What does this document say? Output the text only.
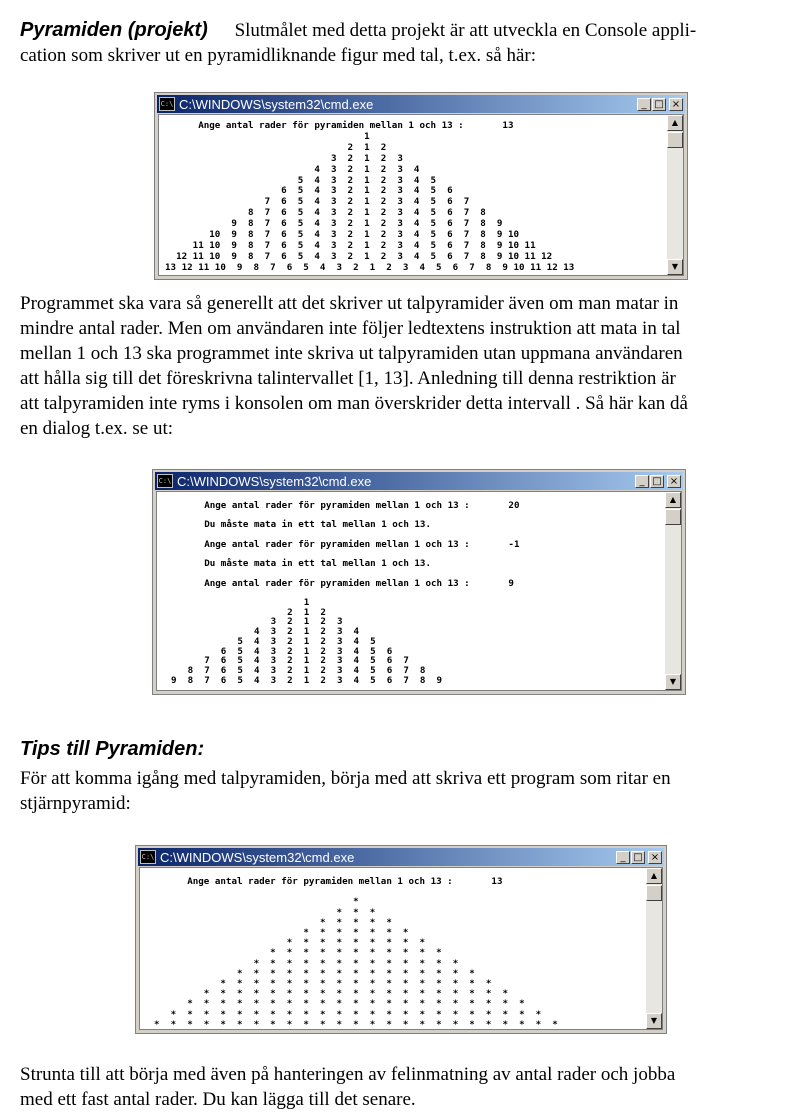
Pyramiden (projekt) Slutmålet med detta projekt är att utveckla en Console appli-

cation som skriver ut en pyramidliknande figur med tal, t.ex. så här:

C:\ C:\WINDOWS\system32\cmd.exe	_ □ ×
Ange antal rader för pyramiden mellan 1 och 13 :       13
1
2  1  2
3  2  1  2  3
4  3  2  1  2  3  4
5  4  3  2  1  2  3  4  5
6  5  4  3  2  1  2  3  4  5  6
7  6  5  4  3  2  1  2  3  4  5  6  7
8  7  6  5  4  3  2  1  2  3  4  5  6  7  8
9  8  7  6  5  4  3  2  1  2  3  4  5  6  7  8  9
10  9  8  7  6  5  4  3  2  1  2  3  4  5  6  7  8  9 10
11 10  9  8  7  6  5  4  3  2  1  2  3  4  5  6  7  8  9 10 11
12 11 10  9  8  7  6  5  4  3  2  1  2  3  4  5  6  7  8  9 10 11 12
13 12 11 10  9  8  7  6  5  4  3  2  1  2  3  4  5  6  7  8  9 10 11 12 13
▲
▼

Programmet ska vara så generellt att det skriver ut talpyramider även om man matar in

mindre antal rader. Men om användaren inte följer ledtextens instruktion att mata in tal

mellan 1 och 13 ska programmet inte skriva ut talpyramiden utan uppmana användaren

att hålla sig till det föreskrivna talintervallet [1, 13]. Anledning till denna restriktion är

att talpyramiden inte ryms i konsolen om man överskrider detta intervall . Så här kan då

en dialog t.ex. se ut:

C:\ C:\WINDOWS\system32\cmd.exe	_ □ ×
Ange antal rader för pyramiden mellan 1 och 13 :       20
Du måste mata in ett tal mellan 1 och 13.
Ange antal rader för pyramiden mellan 1 och 13 :       -1
Du måste mata in ett tal mellan 1 och 13.
Ange antal rader för pyramiden mellan 1 och 13 :       9
1
2  1  2
3  2  1  2  3
4  3  2  1  2  3  4
5  4  3  2  1  2  3  4  5
6  5  4  3  2  1  2  3  4  5  6
7  6  5  4  3  2  1  2  3  4  5  6  7
8  7  6  5  4  3  2  1  2  3  4  5  6  7  8
9  8  7  6  5  4  3  2  1  2  3  4  5  6  7  8  9
▲
▼

Tips till Pyramiden:

För att komma igång med talpyramiden, börja med att skriva ett program som ritar en

stjärnpyramid:

C:\ C:\WINDOWS\system32\cmd.exe	_ □ ×
Ange antal rader för pyramiden mellan 1 och 13 :       13
*
*  *  *
*  *  *  *  *
*  *  *  *  *  *  *
*  *  *  *  *  *  *  *  *
*  *  *  *  *  *  *  *  *  *  *
*  *  *  *  *  *  *  *  *  *  *  *  *
*  *  *  *  *  *  *  *  *  *  *  *  *  *  *
*  *  *  *  *  *  *  *  *  *  *  *  *  *  *  *  *
*  *  *  *  *  *  *  *  *  *  *  *  *  *  *  *  *  *  *
*  *  *  *  *  *  *  *  *  *  *  *  *  *  *  *  *  *  *  *  *
*  *  *  *  *  *  *  *  *  *  *  *  *  *  *  *  *  *  *  *  *  *  *
*  *  *  *  *  *  *  *  *  *  *  *  *  *  *  *  *  *  *  *  *  *  *  *  *
▲
▼

Strunta till att börja med även på hanteringen av felinmatning av antal rader och jobba

med ett fast antal rader. Du kan lägga till det senare.
